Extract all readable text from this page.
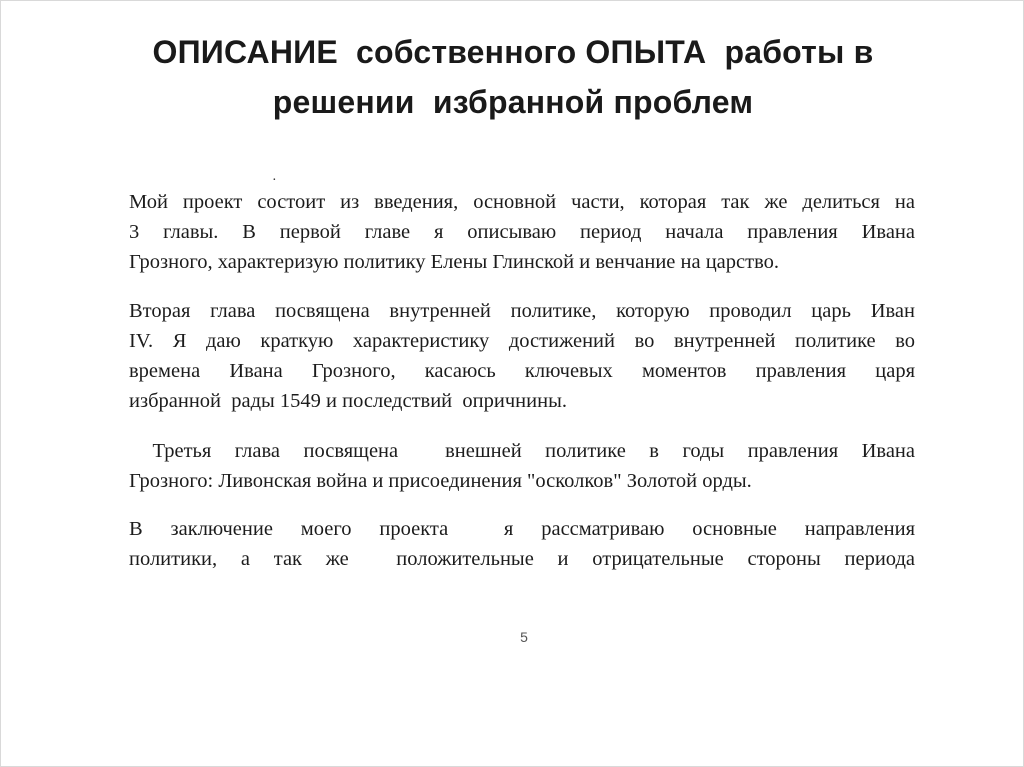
ОПИСАНИЕ  собственного ОПЫТА  работы в
решении  избранной проблем
·

Мой проект состоит из введения, основной части, которая так же делиться на
3 главы. В первой главе я описываю период начала правления Ивана
Грозного, характеризую политику Елены Глинской и венчание на царство.

Вторая глава посвящена внутренней политике, которую проводил царь Иван
IV. Я даю краткую характеристику достижений во внутренней политике во
времена Ивана Грозного, касаюсь ключевых моментов правления царя
избранной  рады 1549 и последствий  опричнины.

Третья глава посвящена  внешней политике в годы правления Ивана
Грозного: Ливонская война и присоединения "осколков" Золотой орды.

В заключение моего проекта  я рассматриваю основные направления
политики, а так же  положительные и отрицательные стороны периода

5
